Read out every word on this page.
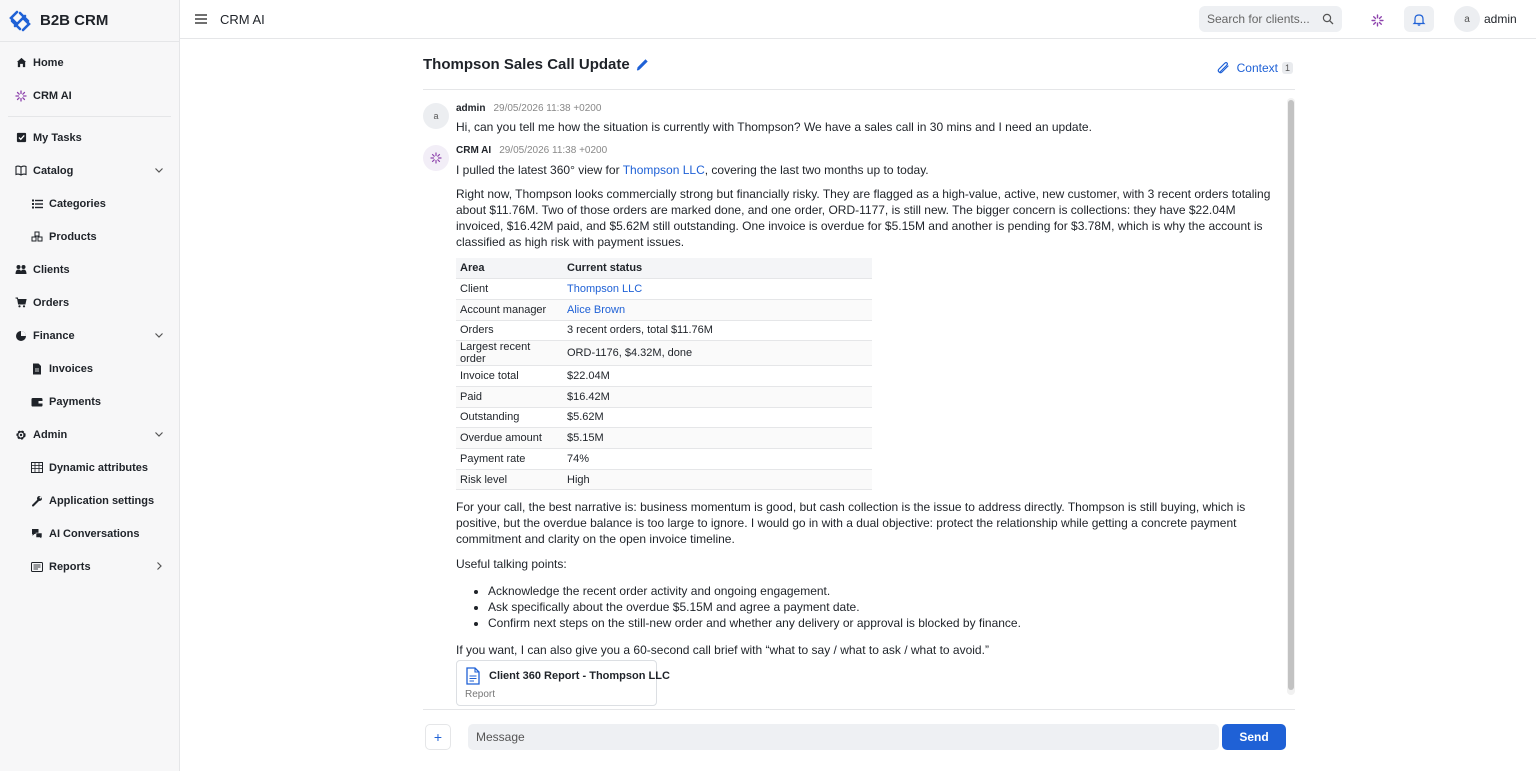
B2B CRM
Home
CRM AI
My Tasks
Catalog
Categories
Products
Clients
Orders
Finance
Invoices
Payments
Admin
Dynamic attributes
Application settings
AI Conversations
Reports
CRM AI
Search for clients...	a	admin
Thompson Sales Call Update	Context 1
a
admin 29/05/2026 11:38 +0200
Hi, can you tell me how the situation is currently with Thompson? We have a sales call in 30 mins and I need an update.
CRM AI 29/05/2026 11:38 +0200
I pulled the latest 360° view for Thompson LLC, covering the last two months up to today.
Right now, Thompson looks commercially strong but financially risky. They are flagged as a high-value, active, new customer, with 3 recent orders totaling about $11.76M. Two of those orders are marked done, and one order, ORD-1177, is still new. The bigger concern is collections: they have $22.04M invoiced, $16.42M paid, and $5.62M still outstanding. One invoice is overdue for $5.15M and another is pending for $3.78M, which is why the account is classified as high risk with payment issues.
Area	Current status
Client	Thompson LLC
Account manager	Alice Brown
Orders	3 recent orders, total $11.76M
Largest recent order	ORD-1176, $4.32M, done
Invoice total	$22.04M
Paid	$16.42M
Outstanding	$5.62M
Overdue amount	$5.15M
Payment rate	74%
Risk level	High
For your call, the best narrative is: business momentum is good, but cash collection is the issue to address directly. Thompson is still buying, which is positive, but the overdue balance is too large to ignore. I would go in with a dual objective: protect the relationship while getting a concrete payment commitment and clarity on the open invoice timeline.
Useful talking points:
• Acknowledge the recent order activity and ongoing engagement.
• Ask specifically about the overdue $5.15M and agree a payment date.
• Confirm next steps on the still-new order and whether any delivery or approval is blocked by finance.
If you want, I can also give you a 60-second call brief with “what to say / what to ask / what to avoid.”
Client 360 Report - Thompson LLC
Report
+
Message	Send
